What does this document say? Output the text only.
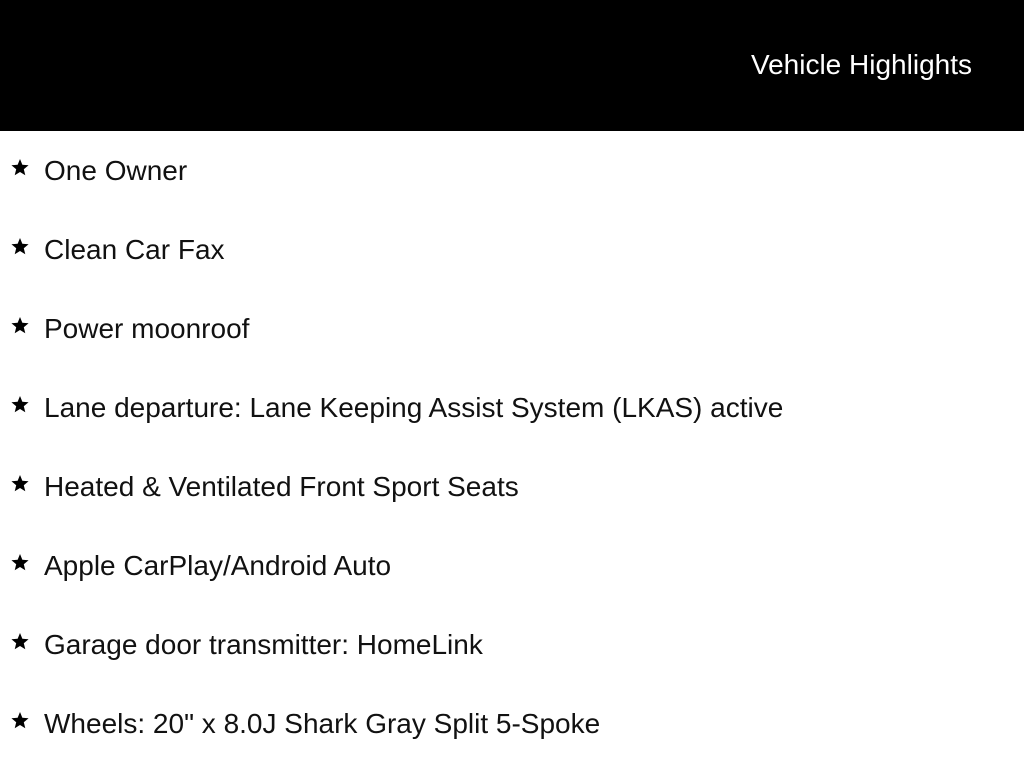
Vehicle Highlights
One Owner
Clean Car Fax
Power moonroof
Lane departure: Lane Keeping Assist System (LKAS) active
Heated & Ventilated Front Sport Seats
Apple CarPlay/Android Auto
Garage door transmitter: HomeLink
Wheels: 20" x 8.0J Shark Gray Split 5-Spoke
